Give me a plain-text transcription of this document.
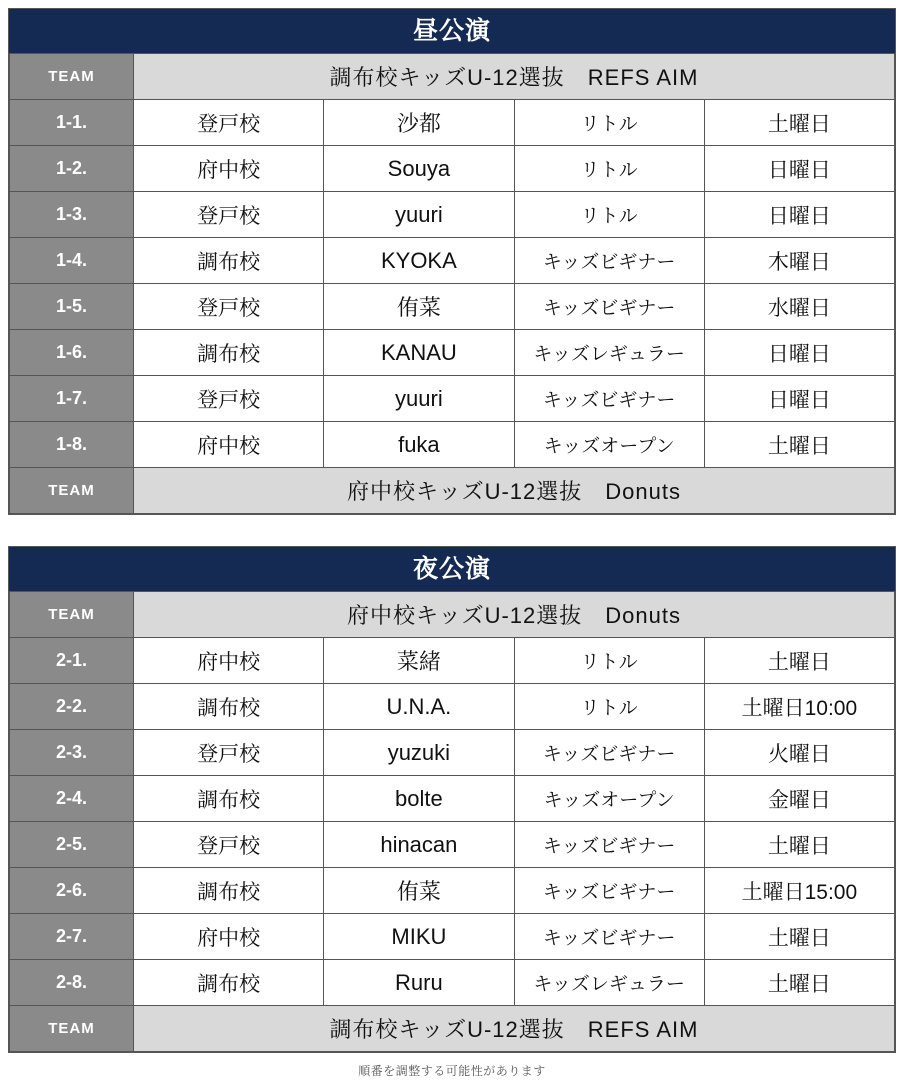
昼公演
TEAM	調布校キッズU-12選抜　REFS AIM			
1-1.	登戸校	沙都	リトル	土曜日
1-2.	府中校	Souya	リトル	日曜日
1-3.	登戸校	yuuri	リトル	日曜日
1-4.	調布校	KYOKA	キッズビギナー	木曜日
1-5.	登戸校	侑菜	キッズビギナー	水曜日
1-6.	調布校	KANAU	キッズレギュラー	日曜日
1-7.	登戸校	yuuri	キッズビギナー	日曜日
1-8.	府中校	fuka	キッズオープン	土曜日
TEAM	府中校キッズU-12選抜　Donuts			
夜公演
TEAM	府中校キッズU-12選抜　Donuts			
2-1.	府中校	菜緒	リトル	土曜日
2-2.	調布校	U.N.A.	リトル	土曜日10:00
2-3.	登戸校	yuzuki	キッズビギナー	火曜日
2-4.	調布校	bolte	キッズオープン	金曜日
2-5.	登戸校	hinacan	キッズビギナー	土曜日
2-6.	調布校	侑菜	キッズビギナー	土曜日15:00
2-7.	府中校	MIKU	キッズビギナー	土曜日
2-8.	調布校	Ruru	キッズレギュラー	土曜日
TEAM	調布校キッズU-12選抜　REFS AIM			
順番を調整する可能性があります
